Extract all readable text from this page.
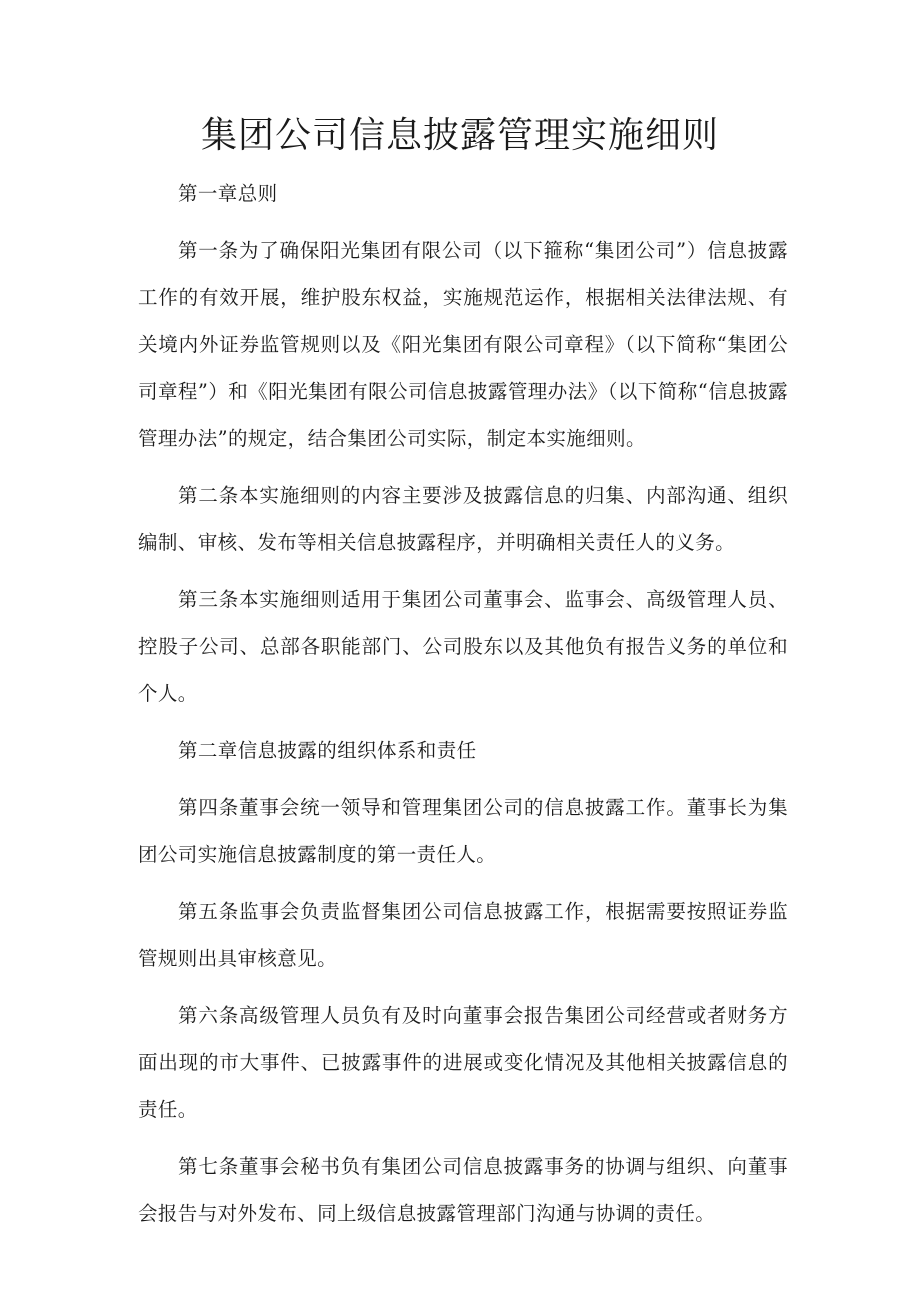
集团公司信息披露管理实施细则

第一章总则

第一条为了确保阳光集团有限公司（以下箍称“集团公司”）信息披露工作的有效开展，维护股东权益，实施规范运作，根据相关法律法规、有关境内外证券监管规则以及《阳光集团有限公司章程》（以下简称“集团公司章程”）和《阳光集团有限公司信息披露管理办法》（以下简称“信息披露管理办法”的规定，结合集团公司实际，制定本实施细则。

第二条本实施细则的内容主要涉及披露信息的归集、内部沟通、组织编制、审核、发布等相关信息披露程序，并明确相关责任人的义务。

第三条本实施细则适用于集团公司董事会、监事会、高级管理人员、控股子公司、总部各职能部门、公司股东以及其他负有报告义务的单位和个人。

第二章信息披露的组织体系和责任

第四条董事会统一领导和管理集团公司的信息披露工作。董事长为集团公司实施信息披露制度的第一责任人。

第五条监事会负责监督集团公司信息披露工作，根据需要按照证券监管规则出具审核意见。

第六条高级管理人员负有及时向董事会报告集团公司经营或者财务方面出现的市大事件、已披露事件的进展或变化情况及其他相关披露信息的责任。

第七条董事会秘书负有集团公司信息披露事务的协调与组织、向董事会报告与对外发布、同上级信息披露管理部门沟通与协调的责任。
